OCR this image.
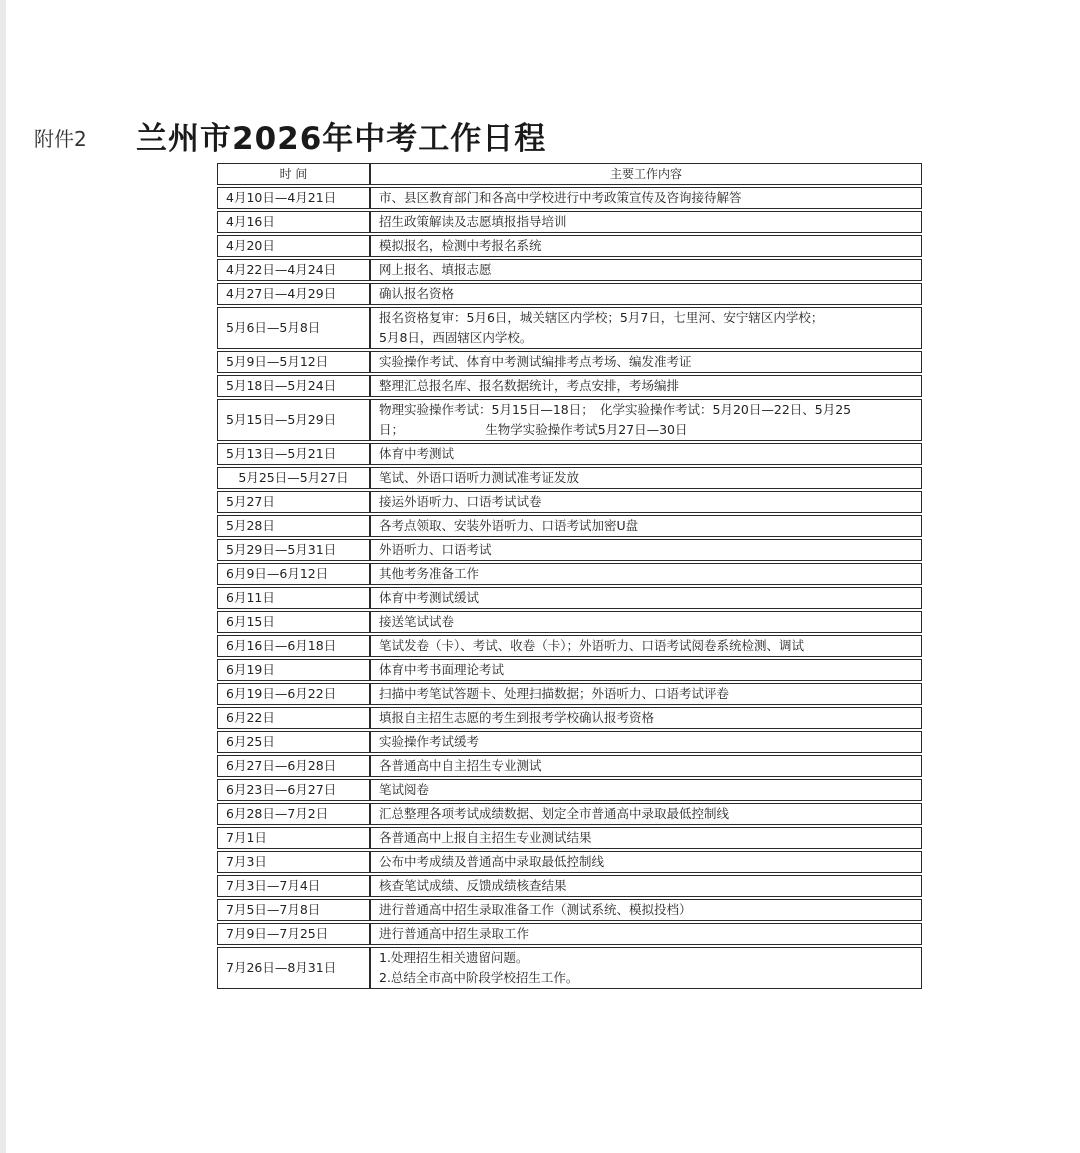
附件2 兰州市2026年中考工作日程
时 间	主要工作内容
4月10日—4月21日	市、县区教育部门和各高中学校进行中考政策宣传及咨询接待解答
4月16日	招生政策解读及志愿填报指导培训
4月20日	模拟报名，检测中考报名系统
4月22日—4月24日	网上报名、填报志愿
4月27日—4月29日	确认报名资格
5月6日—5月8日	报名资格复审：5月6日，城关辖区内学校；5月7日，七里河、安宁辖区内学校；
5月8日，西固辖区内学校。

5月9日—5月12日	实验操作考试、体育中考测试编排考点考场、编发准考证
5月18日—5月24日	整理汇总报名库、报名数据统计，考点安排，考场编排
5月15日—5月29日	物理实验操作考试：5月15日—18日；　化学实验操作考试：5月20日—22日、5月25
日；　　　　　　　生物学实验操作考试5月27日—30日

5月13日—5月21日	体育中考测试
5月25日—5月27日	笔试、外语口语听力测试准考证发放
5月27日	接运外语听力、口语考试试卷
5月28日	各考点领取、安装外语听力、口语考试加密U盘
5月29日—5月31日	外语听力、口语考试
6月9日—6月12日	其他考务准备工作
6月11日	体育中考测试缓试
6月15日	接送笔试试卷
6月16日—6月18日	笔试发卷（卡）、考试、收卷（卡）；外语听力、口语考试阅卷系统检测、调试
6月19日	体育中考书面理论考试
6月19日—6月22日	扫描中考笔试答题卡、处理扫描数据；外语听力、口语考试评卷
6月22日	填报自主招生志愿的考生到报考学校确认报考资格
6月25日	实验操作考试缓考
6月27日—6月28日	各普通高中自主招生专业测试
6月23日—6月27日	笔试阅卷
6月28日—7月2日	汇总整理各项考试成绩数据、划定全市普通高中录取最低控制线
7月1日	各普通高中上报自主招生专业测试结果
7月3日	公布中考成绩及普通高中录取最低控制线
7月3日—7月4日	核查笔试成绩、反馈成绩核查结果
7月5日—7月8日	进行普通高中招生录取准备工作（测试系统、模拟投档）
7月9日—7月25日	进行普通高中招生录取工作
7月26日—8月31日	1.处理招生相关遗留问题。
2.总结全市高中阶段学校招生工作。
